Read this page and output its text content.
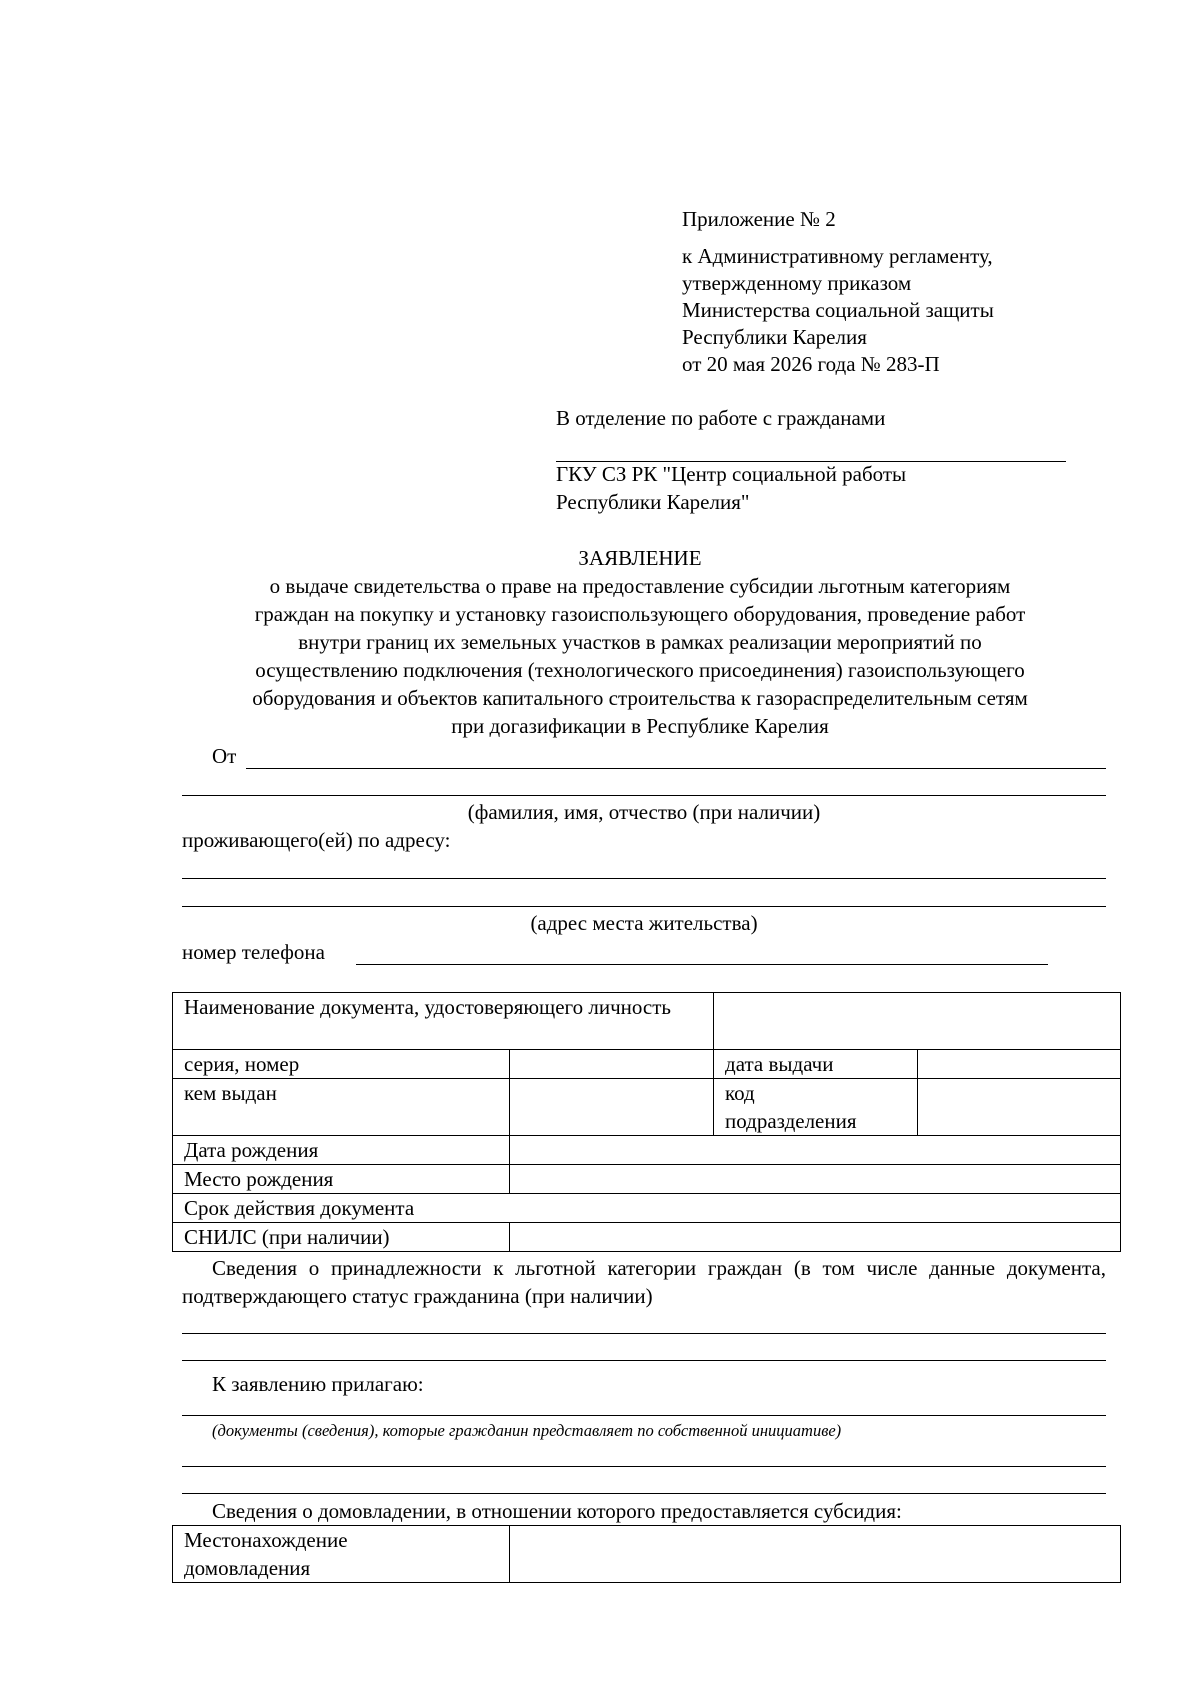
Приложение № 2
к Административному регламенту,
утвержденному приказом
Министерства социальной защиты
Республики Карелия
от 20 мая 2026 года № 283-П
В отделение по работе с гражданами
ГКУ СЗ РК "Центр социальной работы
Республики Карелия"
ЗАЯВЛЕНИЕ
о выдаче свидетельства о праве на предоставление субсидии льготным категориям
граждан на покупку и установку газоиспользующего оборудования, проведение работ
внутри границ их земельных участков в рамках реализации мероприятий по
осуществлению подключения (технологического присоединения) газоиспользующего
оборудования и объектов капитального строительства к газораспределительным сетям
при догазификации в Республике Карелия
От
(фамилия, имя, отчество (при наличии)
проживающего(ей) по адресу:
(адрес места жительства)
номер телефона
Наименование документа, удостоверяющего личность			
серия, номер		дата выдачи	
кем выдан		код
подразделения	

Дата рождения			
Место рождения			
Срок действия документа			
СНИЛС (при наличии)			
Сведения о принадлежности к льготной категории граждан (в том числе данные документа, подтверждающего статус гражданина (при наличии)
К заявлению прилагаю:
(документы (сведения), которые гражданин представляет по собственной инициативе)
Сведения о домовладении, в отношении которого предоставляется субсидия:
Местонахождение
домовладения
